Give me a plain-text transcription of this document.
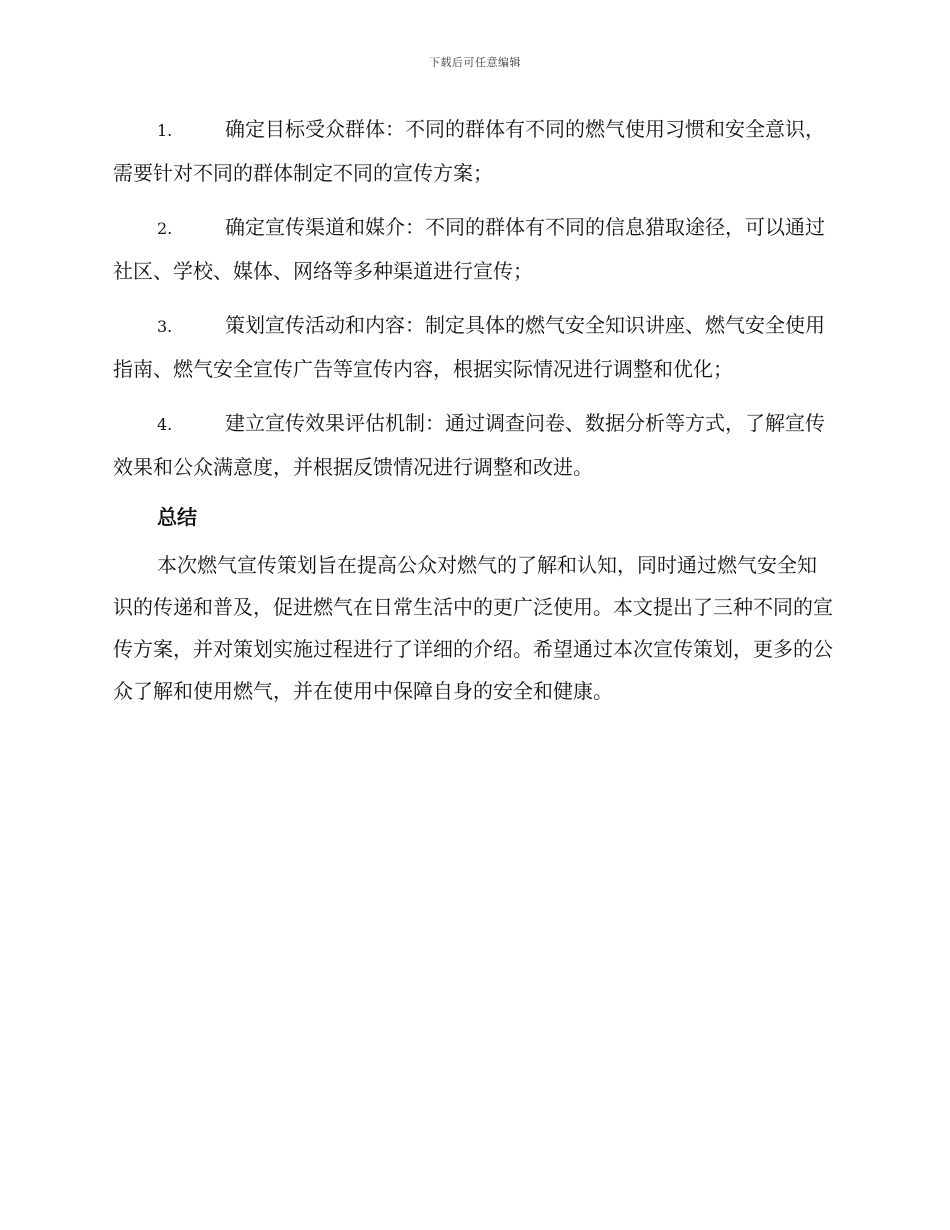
下载后可任意编辑

1.	确定目标受众群体：不同的群体有不同的燃气使用习惯和安全意识，需要针对不同的群体制定不同的宣传方案；

2.	确定宣传渠道和媒介：不同的群体有不同的信息猎取途径，可以通过社区、学校、媒体、网络等多种渠道进行宣传；

3.	策划宣传活动和内容：制定具体的燃气安全知识讲座、燃气安全使用指南、燃气安全宣传广告等宣传内容，根据实际情况进行调整和优化；

4.	建立宣传效果评估机制：通过调查问卷、数据分析等方式，了解宣传效果和公众满意度，并根据反馈情况进行调整和改进。

总结

本次燃气宣传策划旨在提高公众对燃气的了解和认知，同时通过燃气安全知识的传递和普及，促进燃气在日常生活中的更广泛使用。本文提出了三种不同的宣传方案，并对策划实施过程进行了详细的介绍。希望通过本次宣传策划，更多的公众了解和使用燃气，并在使用中保障自身的安全和健康。
